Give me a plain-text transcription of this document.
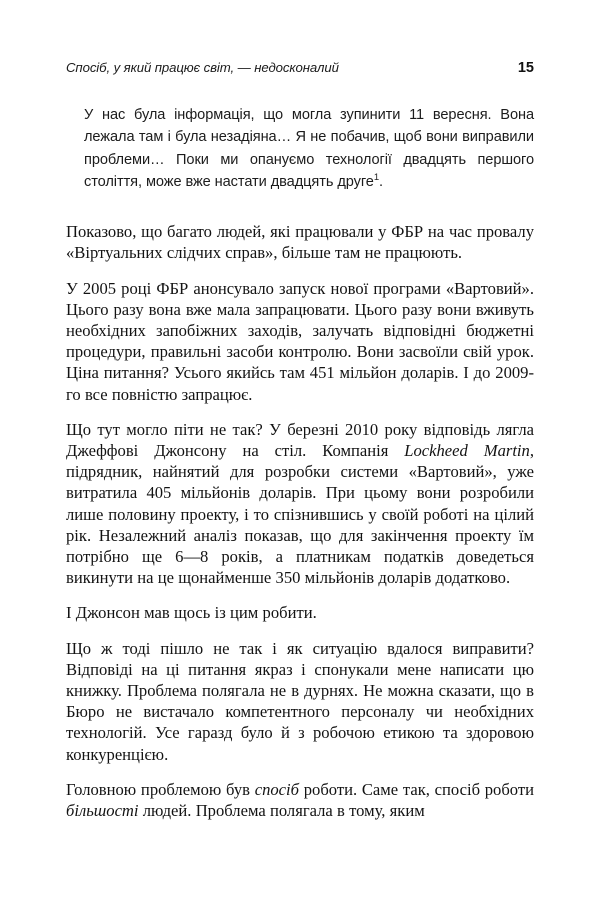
Спосіб, у який працює світ, — недосконалий	15
У нас була інформація, що могла зупинити 11 вересня. Вона лежала там і була незадіяна… Я не побачив, щоб вони виправили проблеми… Поки ми опануємо технології двадцять першого століття, може вже настати двадцять друге$^1$.

Показово, що багато людей, які працювали у ФБР на час провалу «Віртуальних слідчих справ», більше там не працюють.

У 2005 році ФБР анонсувало запуск нової програми «Вартовий». Цього разу вона вже мала запрацювати. Цього разу вони вживуть необхідних запобіжних заходів, залучать відповідні бюджетні процедури, правильні засоби контролю. Вони засвоїли свій урок. Ціна питання? Усього якийсь там 451 мільйон доларів. І до 2009-го все повністю запрацює.

Що тут могло піти не так? У березні 2010 року відповідь лягла Джеффові Джонсону на стіл. Компанія Lockheed Martin, підрядник, найнятий для розробки системи «Вартовий», уже витратила 405 мільйонів доларів. При цьому вони розробили лише половину проекту, і то спізнившись у своїй роботі на цілий рік. Незалежний аналіз показав, що для закінчення проекту їм потрібно ще 6—8 років, а платникам податків доведеться викинути на це щонайменше 350 мільйонів доларів додатково.

І Джонсон мав щось із цим робити.

Що ж тоді пішло не так і як ситуацію вдалося виправити? Відповіді на ці питання якраз і спонукали мене написати цю книжку. Проблема полягала не в дурнях. Не можна сказати, що в Бюро не вистачало компетентного персоналу чи необхідних технологій. Усе гаразд було й з робочою етикою та здоровою конкуренцією.

Головною проблемою був спосіб роботи. Саме так, спосіб роботи більшості людей. Проблема полягала в тому, яким
